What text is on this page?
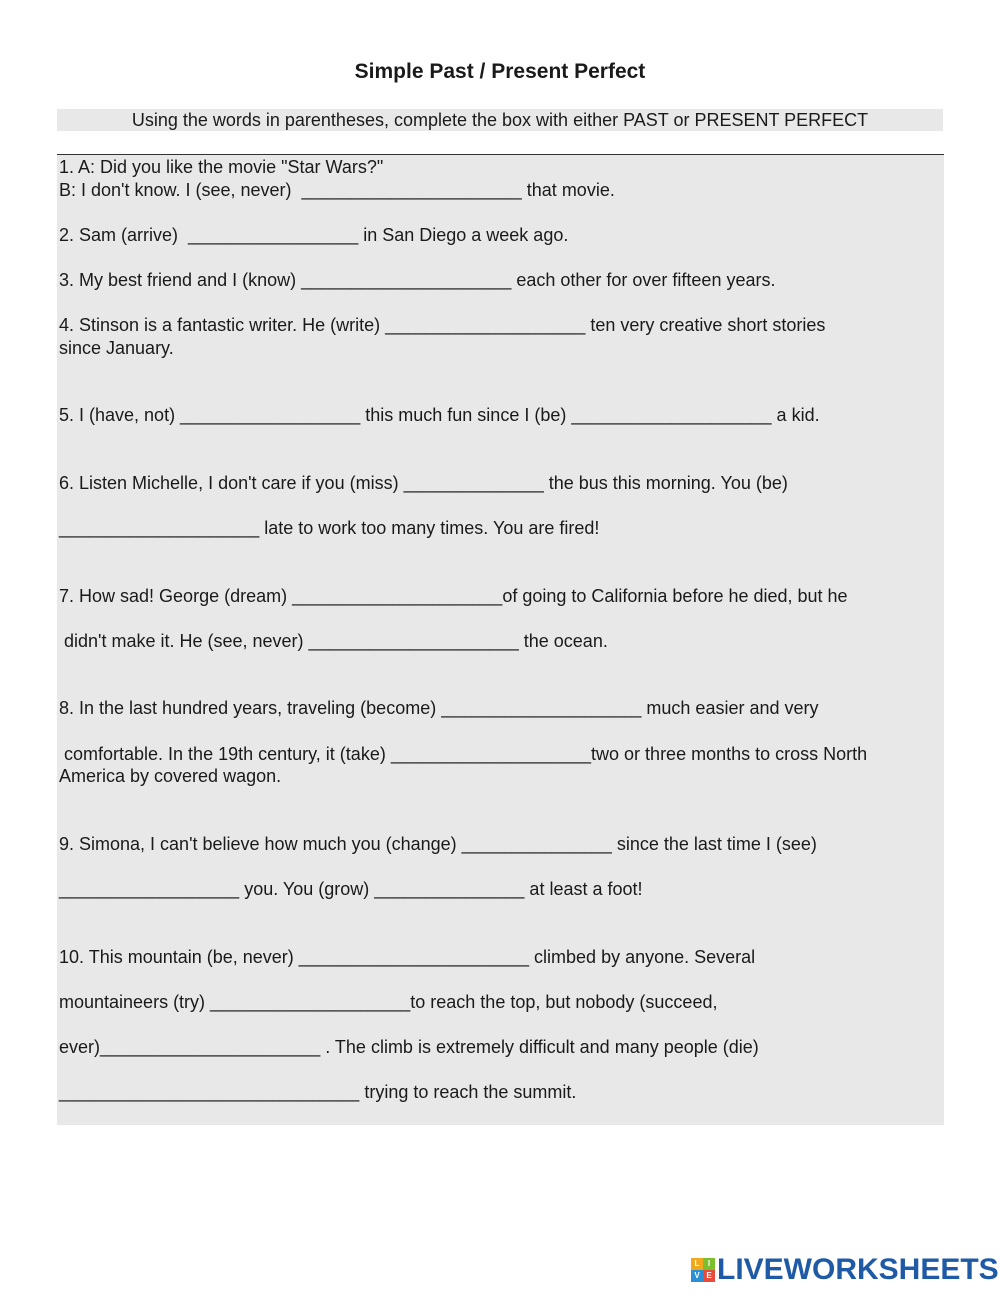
Simple Past / Present Perfect
Using the words in parentheses, complete the box with either PAST or PRESENT PERFECT
1. A: Did you like the movie "Star Wars?"
B: I don't know. I (see, never)  ______________________ that movie.
2. Sam (arrive)  _________________ in San Diego a week ago.
3. My best friend and I (know) _____________________ each other for over fifteen years.
4. Stinson is a fantastic writer. He (write) ____________________ ten very creative short stories
since January.
5. I (have, not) __________________ this much fun since I (be) ____________________ a kid.
6. Listen Michelle, I don't care if you (miss) ______________ the bus this morning. You (be)
____________________ late to work too many times. You are fired!
7. How sad! George (dream) _____________________of going to California before he died, but he
didn't make it. He (see, never) _____________________ the ocean.
8. In the last hundred years, traveling (become) ____________________ much easier and very
comfortable. In the 19th century, it (take) ____________________two or three months to cross North
America by covered wagon.
9. Simona, I can't believe how much you (change) _______________ since the last time I (see)
__________________ you. You (grow) _______________ at least a foot!
10. This mountain (be, never) _______________________ climbed by anyone. Several
mountaineers (try) ____________________to reach the top, but nobody (succeed,
ever)______________________ . The climb is extremely difficult and many people (die)
______________________________ trying to reach the summit.
L	I
V E LIVEWORKSHEETS
